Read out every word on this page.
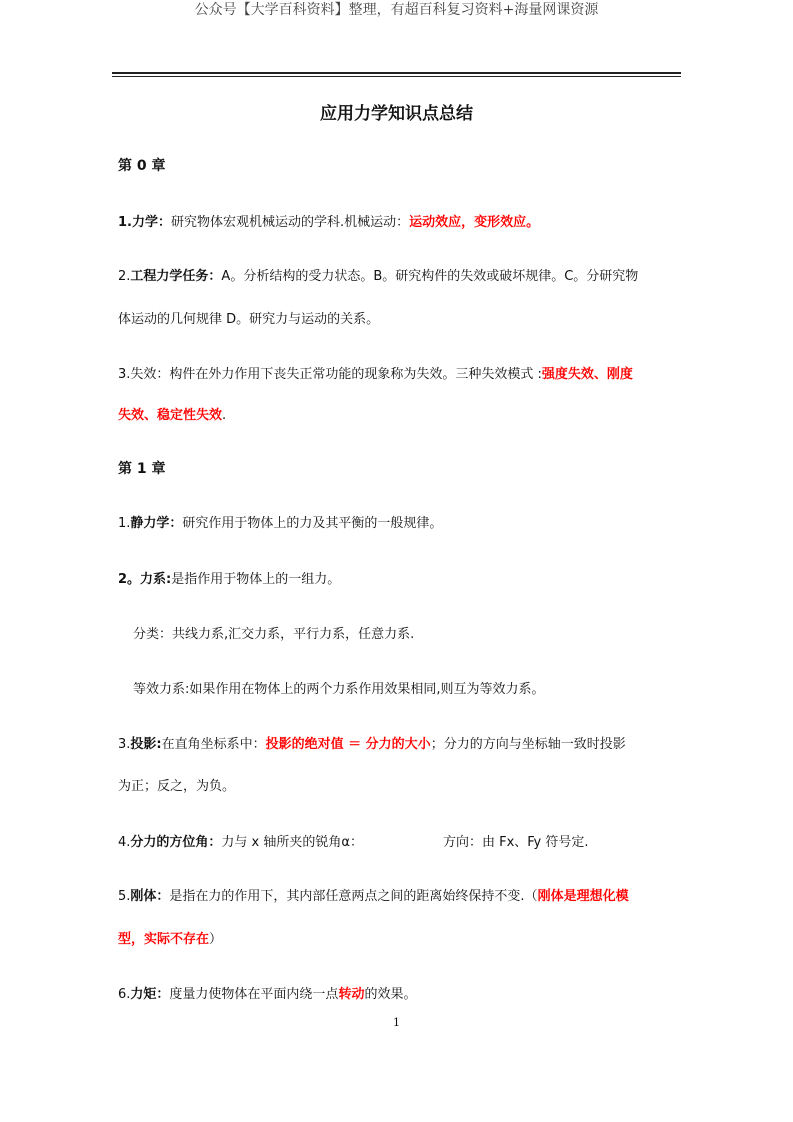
公众号【大学百科资料】整理，有超百科复习资料+海量网课资源
应用力学知识点总结
第 0 章
1.力学：研究物体宏观机械运动的学科.机械运动：运动效应，变形效应。
2.工程力学任务：A。分析结构的受力状态。B。研究构件的失效或破坏规律。C。分研究物
体运动的几何规律 D。研究力与运动的关系。
3.失效：构件在外力作用下丧失正常功能的现象称为失效。三种失效模式 :强度失效、刚度
失效、稳定性失效.
第 1 章
1.静力学：研究作用于物体上的力及其平衡的一般规律。
2。力系:是指作用于物体上的一组力。
分类：共线力系,汇交力系，平行力系，任意力系.
等效力系:如果作用在物体上的两个力系作用效果相同,则互为等效力系。
3.投影:在直角坐标系中：投影的绝对值 ＝ 分力的大小；分力的方向与坐标轴一致时投影
为正；反之，为负。
4.分力的方位角：力与 x 轴所夹的锐角α：	方向：由 Fx、Fy 符号定.
5.刚体：是指在力的作用下，其内部任意两点之间的距离始终保持不变.（刚体是理想化模
型，实际不存在）
6.力矩：度量力使物体在平面内绕一点转动的效果。
1
